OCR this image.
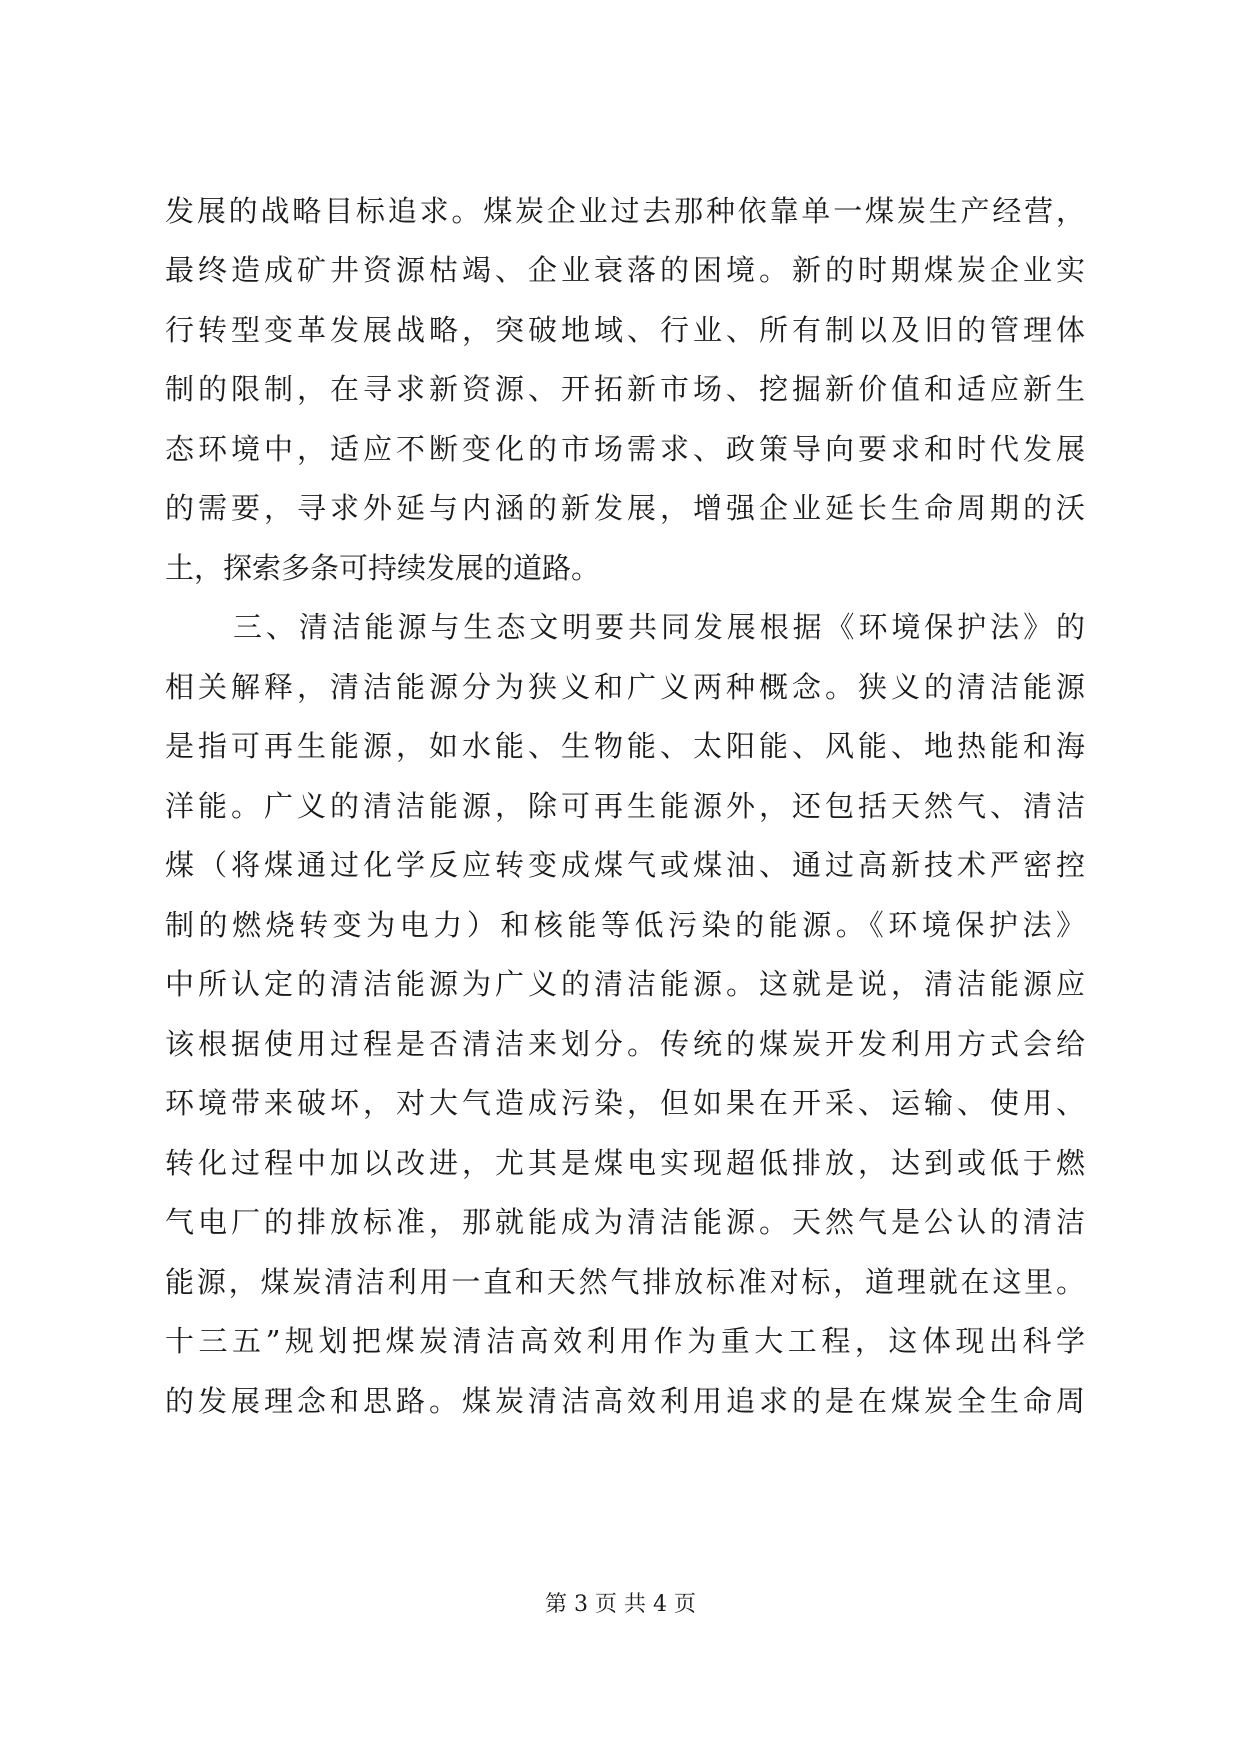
发展的战略目标追求。煤炭企业过去那种依靠单一煤炭生产经营，
最终造成矿井资源枯竭、企业衰落的困境。新的时期煤炭企业实
行转型变革发展战略，突破地域、行业、所有制以及旧的管理体
制的限制，在寻求新资源、开拓新市场、挖掘新价值和适应新生
态环境中，适应不断变化的市场需求、政策导向要求和时代发展
的需要，寻求外延与内涵的新发展，增强企业延长生命周期的沃
土，探索多条可持续发展的道路。
三、清洁能源与生态文明要共同发展根据《环境保护法》的
相关解释，清洁能源分为狭义和广义两种概念。狭义的清洁能源
是指可再生能源，如水能、生物能、太阳能、风能、地热能和海
洋能。广义的清洁能源，除可再生能源外，还包括天然气、清洁
煤（将煤通过化学反应转变成煤气或煤油、通过高新技术严密控
制的燃烧转变为电力）和核能等低污染的能源。《环境保护法》
中所认定的清洁能源为广义的清洁能源。这就是说，清洁能源应
该根据使用过程是否清洁来划分。传统的煤炭开发利用方式会给
环境带来破坏，对大气造成污染，但如果在开采、运输、使用、
转化过程中加以改进，尤其是煤电实现超低排放，达到或低于燃
气电厂的排放标准，那就能成为清洁能源。天然气是公认的清洁
能源，煤炭清洁利用一直和天然气排放标准对标，道理就在这里。
十三五”规划把煤炭清洁高效利用作为重大工程，这体现出科学
的发展理念和思路。煤炭清洁高效利用追求的是在煤炭全生命周
第 3 页 共 4 页
